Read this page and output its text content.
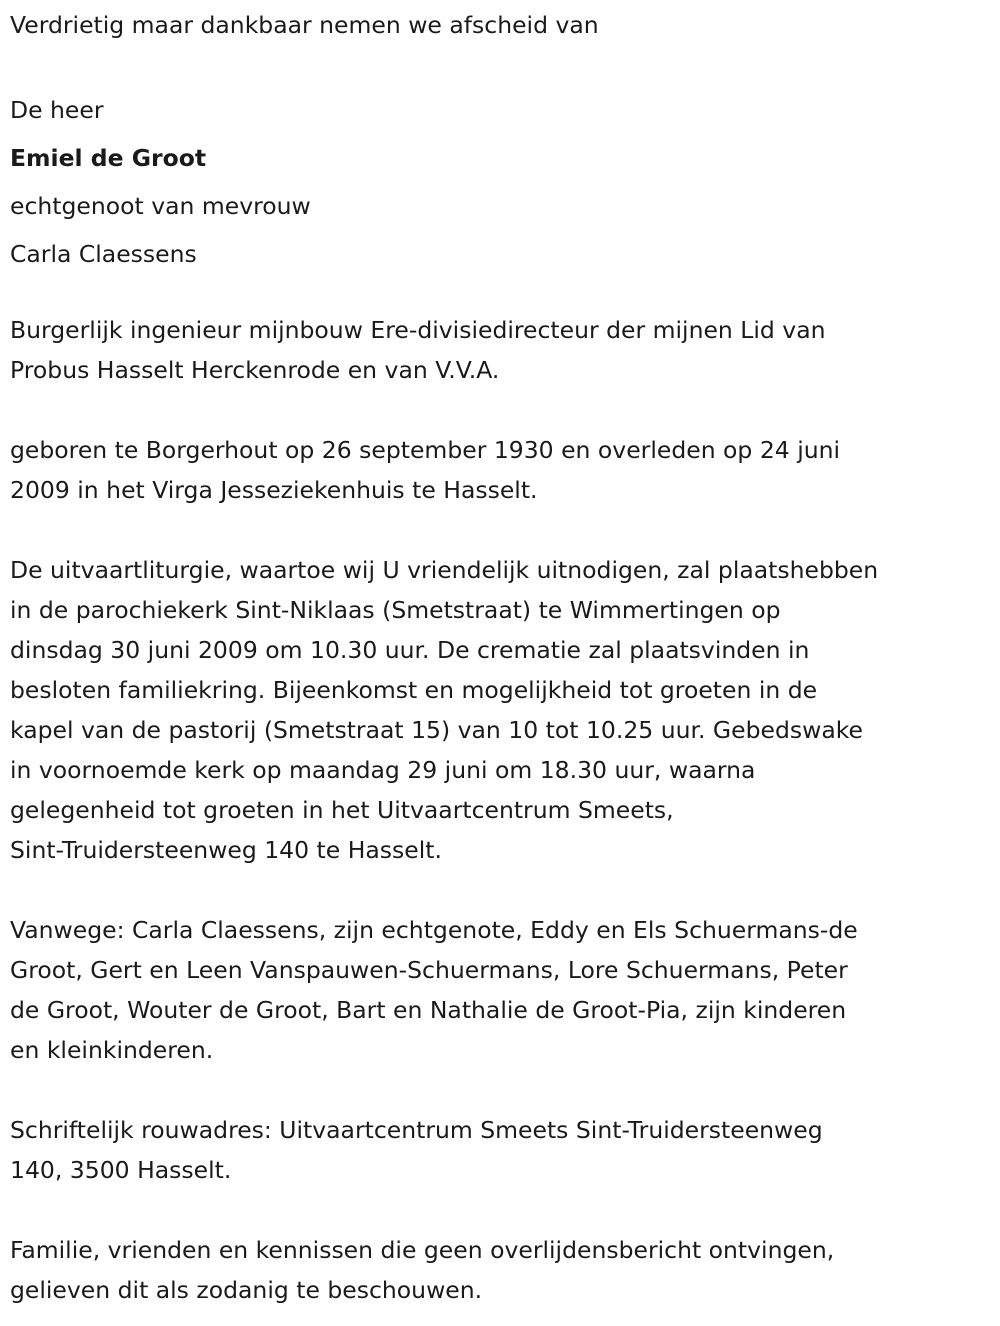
Verdrietig maar dankbaar nemen we afscheid van
De heer
Emiel de Groot
echtgenoot van mevrouw
Carla Claessens
Burgerlijk ingenieur mijnbouw Ere-divisiedirecteur der mijnen Lid van
Probus Hasselt Herckenrode en van V.V.A.
geboren te Borgerhout op 26 september 1930 en overleden op 24 juni
2009 in het Virga Jesseziekenhuis te Hasselt.
De uitvaartliturgie, waartoe wij U vriendelijk uitnodigen, zal plaatshebben
in de parochiekerk Sint-Niklaas (Smetstraat) te Wimmertingen op
dinsdag 30 juni 2009 om 10.30 uur. De crematie zal plaatsvinden in
besloten familiekring. Bijeenkomst en mogelijkheid tot groeten in de
kapel van de pastorij (Smetstraat 15) van 10 tot 10.25 uur. Gebedswake
in voornoemde kerk op maandag 29 juni om 18.30 uur, waarna
gelegenheid tot groeten in het Uitvaartcentrum Smeets,
Sint-Truidersteenweg 140 te Hasselt.
Vanwege: Carla Claessens, zijn echtgenote, Eddy en Els Schuermans-de
Groot, Gert en Leen Vanspauwen-Schuermans, Lore Schuermans, Peter
de Groot, Wouter de Groot, Bart en Nathalie de Groot-Pia, zijn kinderen
en kleinkinderen.
Schriftelijk rouwadres: Uitvaartcentrum Smeets Sint-Truidersteenweg
140, 3500 Hasselt.
Familie, vrienden en kennissen die geen overlijdensbericht ontvingen,
gelieven dit als zodanig te beschouwen.
